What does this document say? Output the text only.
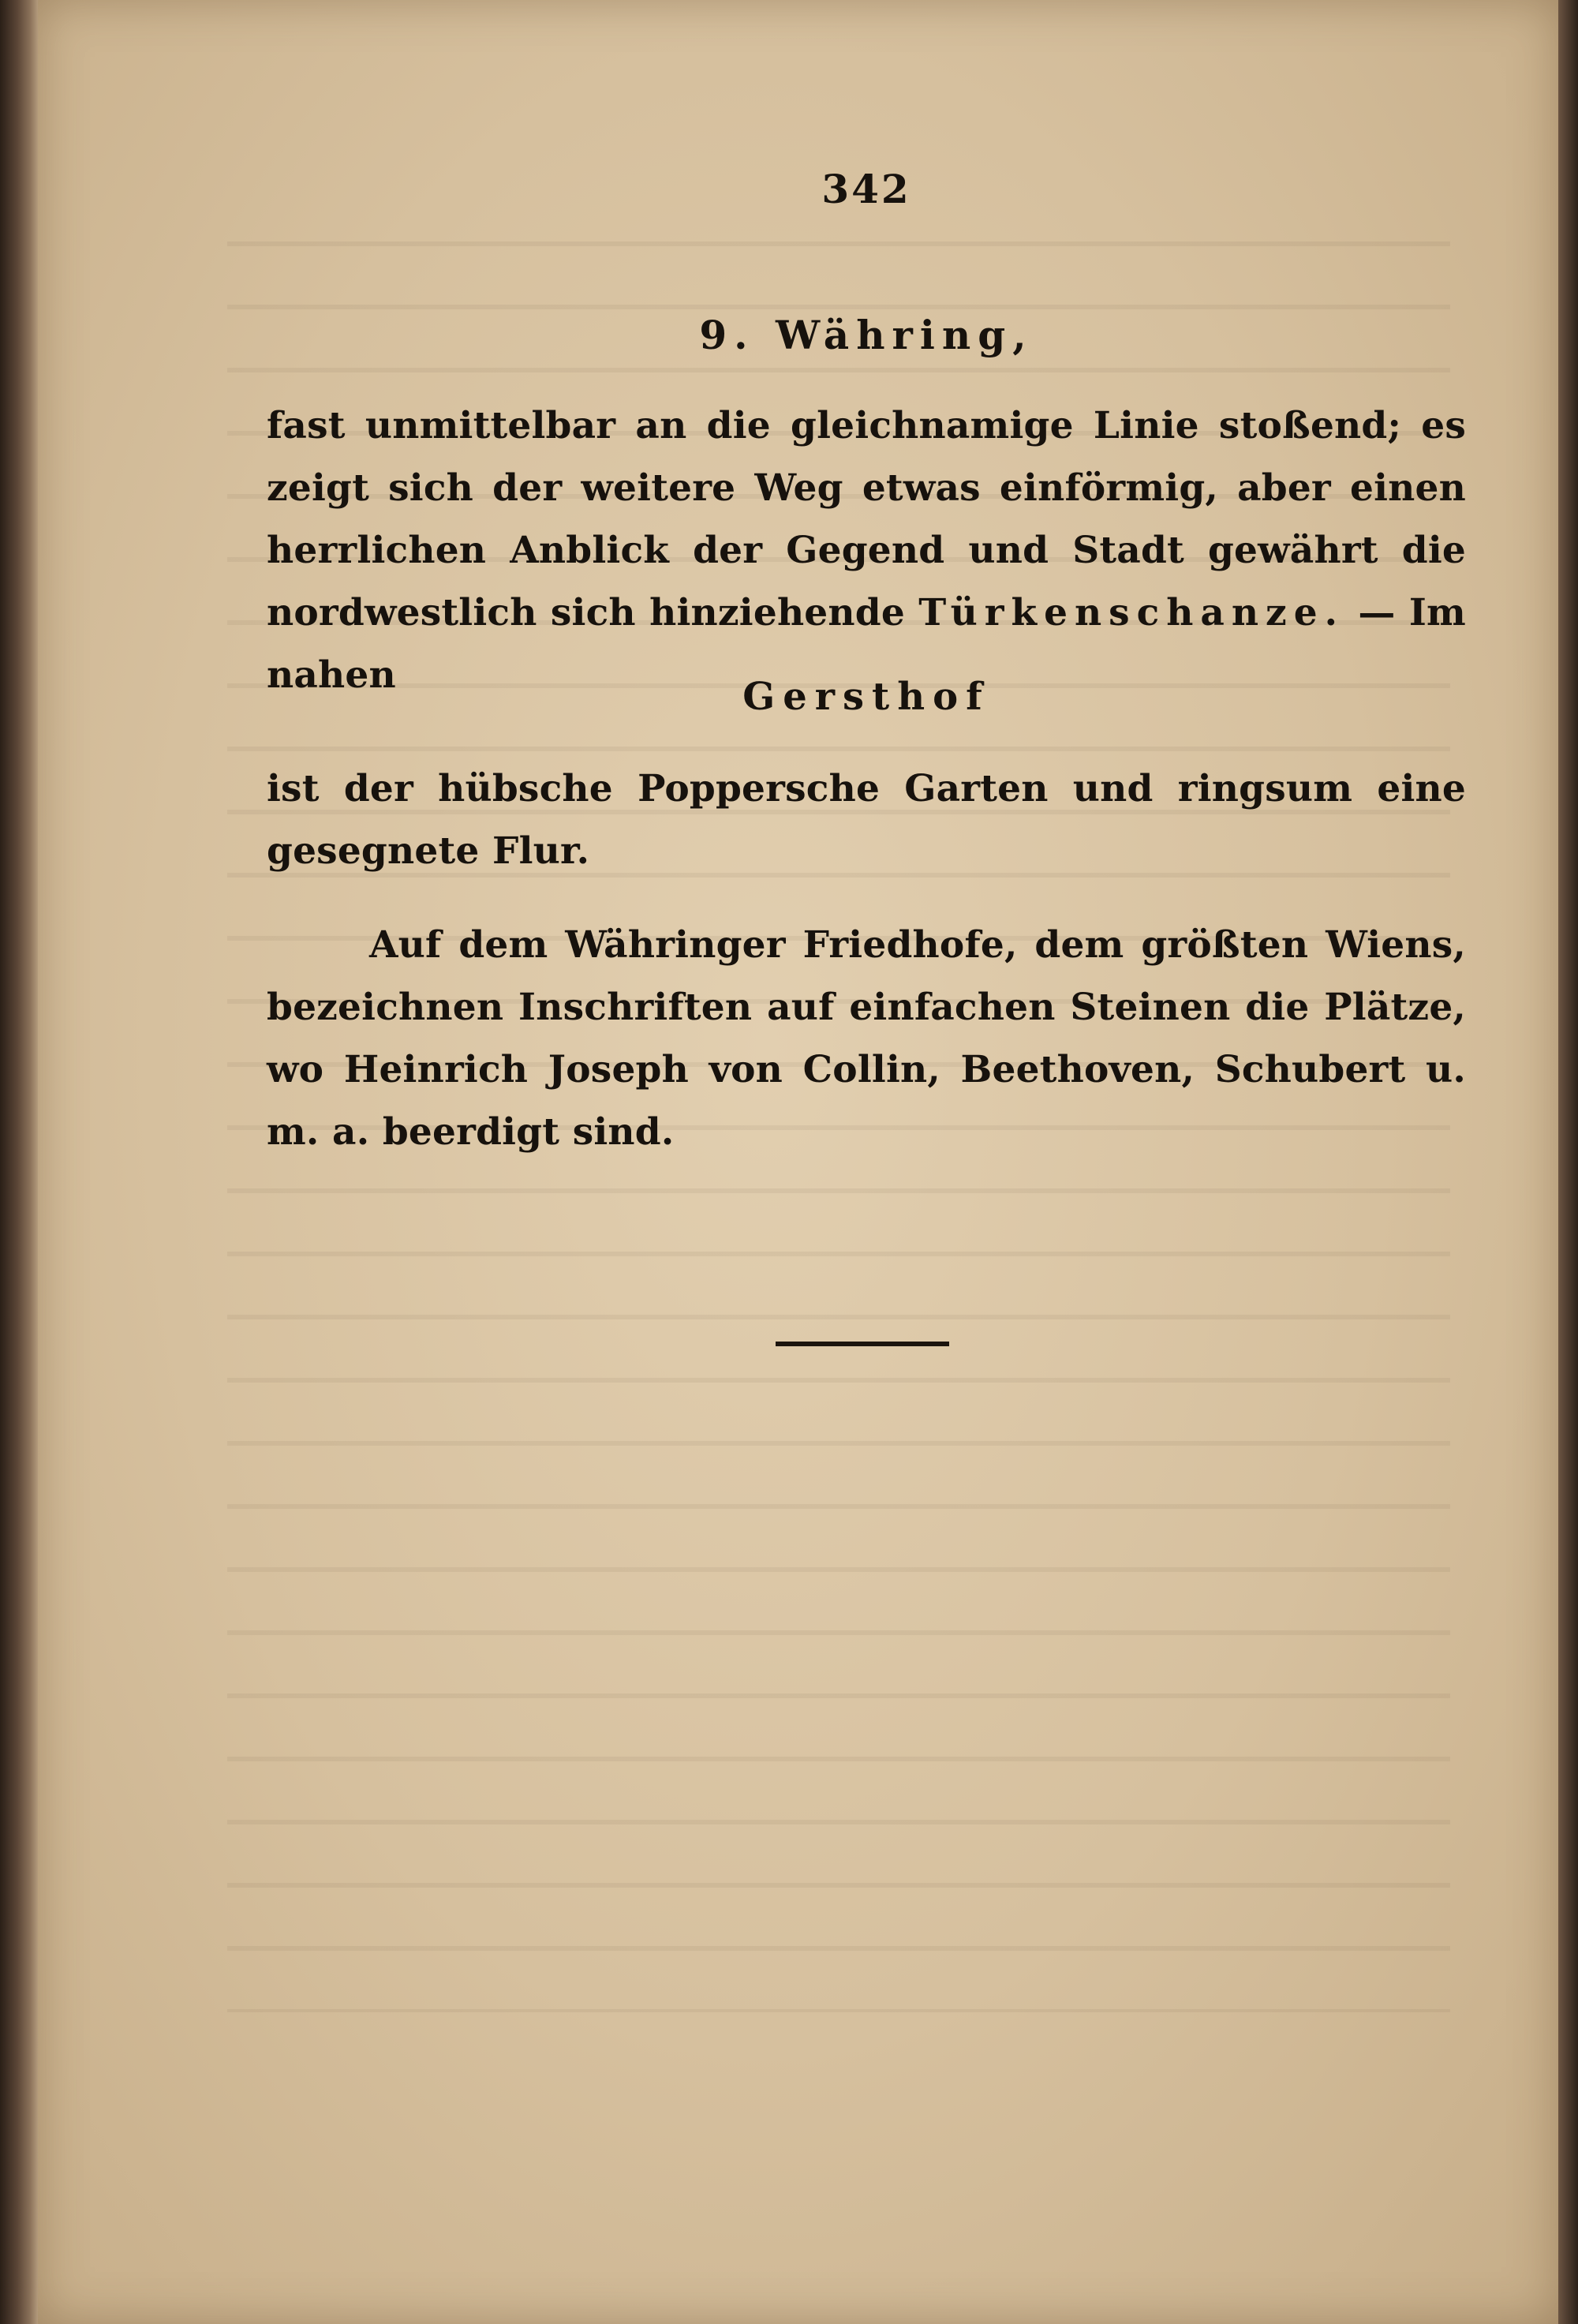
342
9. Währing,
fast unmittelbar an die gleichnamige Linie stoßend; es zeigt sich der weitere Weg etwas einförmig, aber einen herrlichen Anblick der Gegend und Stadt gewährt die nordwestlich sich hinziehende Türkenschanze. — Im nahen	Gersthof
ist der hübsche Poppersche Garten und ringsum eine gesegnete Flur.
Auf dem Währinger Friedhofe, dem größten Wiens, bezeichnen Inschriften auf einfachen Steinen die Plätze, wo Heinrich Joseph von Collin, Beethoven, Schubert u. m. a. beerdigt sind.
